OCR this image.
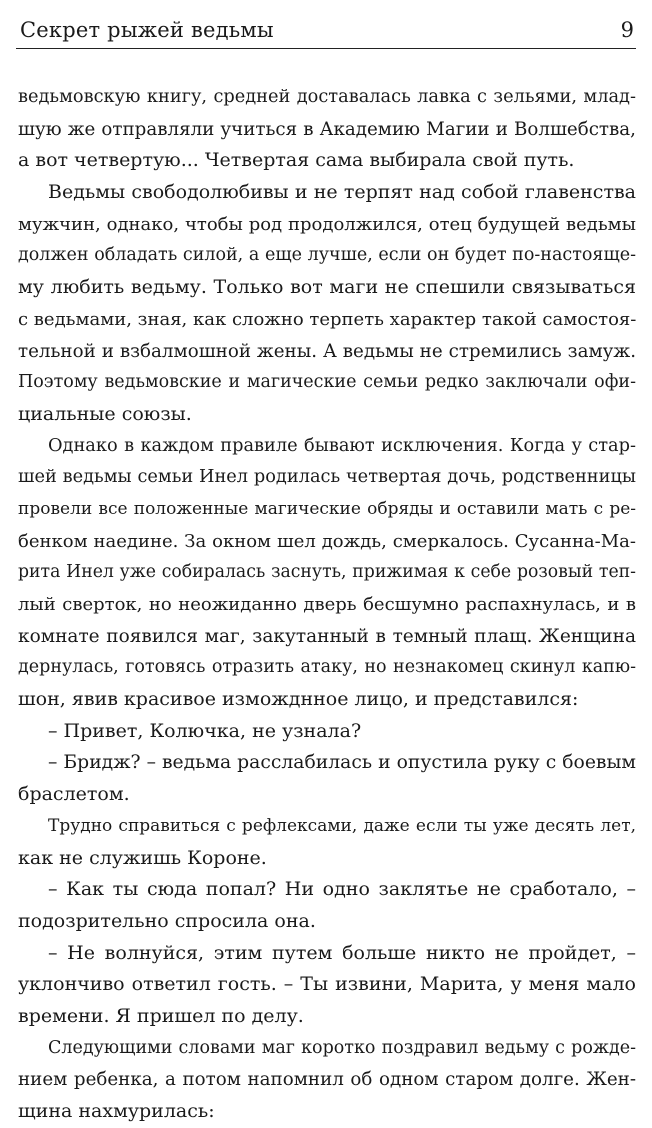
Секрет рыжей ведьмы	9
ведьмовскую книгу, средней доставалась лавка с зельями, млад-
шую же отправляли учиться в Академию Магии и Волшебства,
а вот четвертую... Четвертая сама выбирала свой путь.
Ведьмы свободолюбивы и не терпят над собой главенства
мужчин, однако, чтобы род продолжился, отец будущей ведьмы
должен обладать силой, а еще лучше, если он будет по-настояще-
му любить ведьму. Только вот маги не спешили связываться
с ведьмами, зная, как сложно терпеть характер такой самостоя-
тельной и взбалмошной жены. А ведьмы не стремились замуж.
Поэтому ведьмовские и магические семьи редко заключали офи-
циальные союзы.
Однако в каждом правиле бывают исключения. Когда у стар-
шей ведьмы семьи Инел родилась четвертая дочь, родственницы
провели все положенные магические обряды и оставили мать с ре-
бенком наедине. За окном шел дождь, смеркалось. Сусанна-Ма-
рита Инел уже собиралась заснуть, прижимая к себе розовый теп-
лый сверток, но неожиданно дверь бесшумно распахнулась, и в
комнате появился маг, закутанный в темный плащ. Женщина
дернулась, готовясь отразить атаку, но незнакомец скинул капю-
шон, явив красивое изможднное лицо, и представился:
– Привет, Колючка, не узнала?
– Бридж? – ведьма расслабилась и опустила руку с боевым
браслетом.
Трудно справиться с рефлексами, даже если ты уже десять лет,
как не служишь Короне.
– Как ты сюда попал? Ни одно заклятье не сработало, –
подозрительно спросила она.
– Не волнуйся, этим путем больше никто не пройдет, –
уклончиво ответил гость. – Ты извини, Марита, у меня мало
времени. Я пришел по делу.
Следующими словами маг коротко поздравил ведьму с рожде-
нием ребенка, а потом напомнил об одном старом долге. Жен-
щина нахмурилась:
